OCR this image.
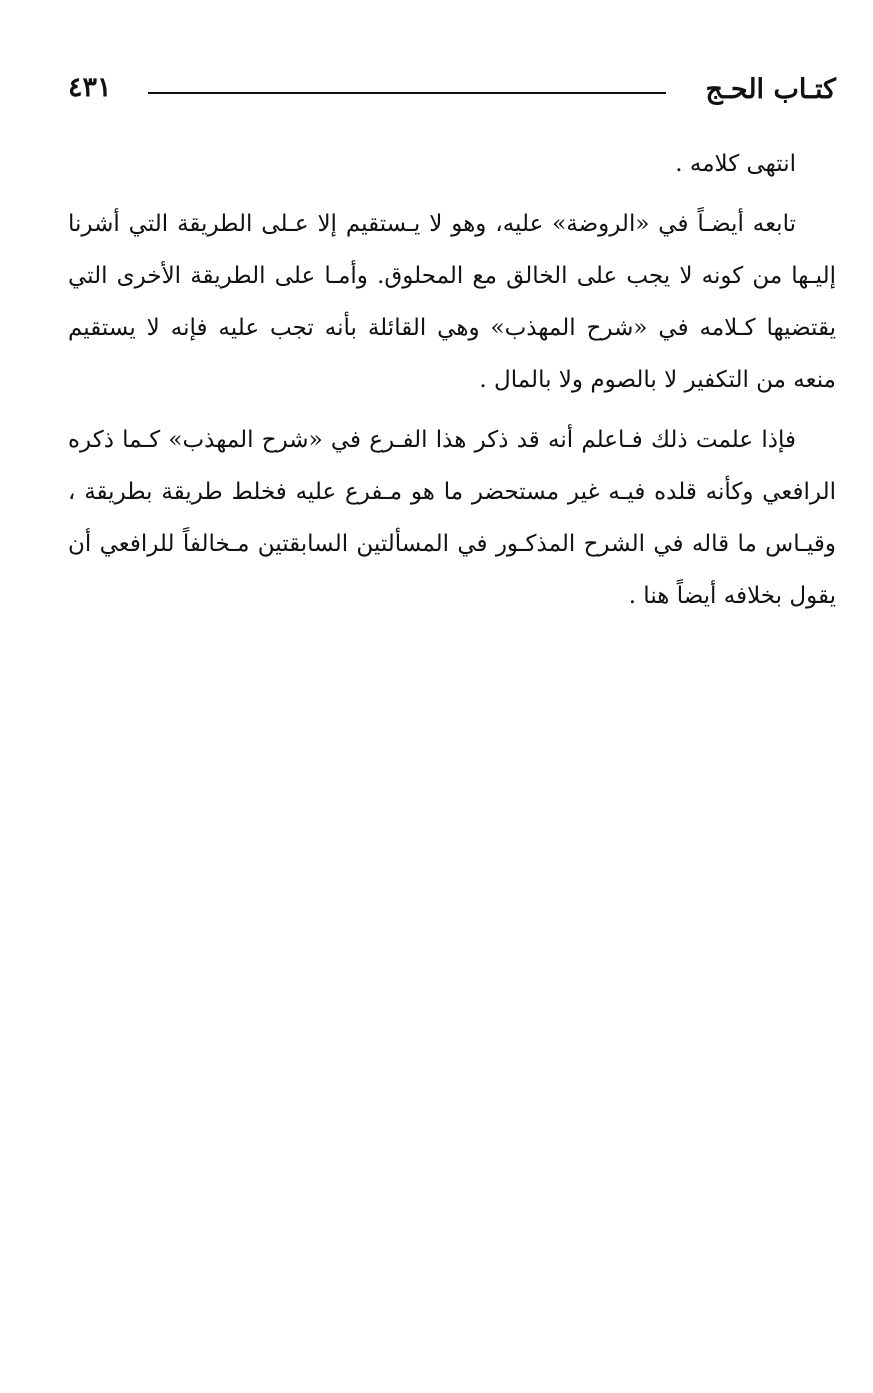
كتـاب الحـج
٤٣١

انتهى كلامه .

تابعه أيضـاً في «الروضة» عليه، وهو لا يـستقيم إلا عـلى الطريقة التي أشرنا إليـها من كونه لا يجب على الخالق مع المحلوق. وأمـا على الطريقة الأخرى التي يقتضيها كـلامه في «شرح المهذب» وهي القائلة بأنه تجب عليه فإنه لا يستقيم منعه من التكفير لا بالصوم ولا بالمال .

فإذا علمت ذلك فـاعلم أنه قد ذكر هذا الفـرع في «شرح المهذب» كـما ذكره الرافعي وكأنه قلده فيـه غير مستحضر ما هو مـفرع عليه فخلط طريقة بطريقة ، وقيـاس ما قاله في الشرح المذكـور في المسألتين السابقتين مـخالفاً للرافعي أن يقول بخلافه أيضاً هنا .
